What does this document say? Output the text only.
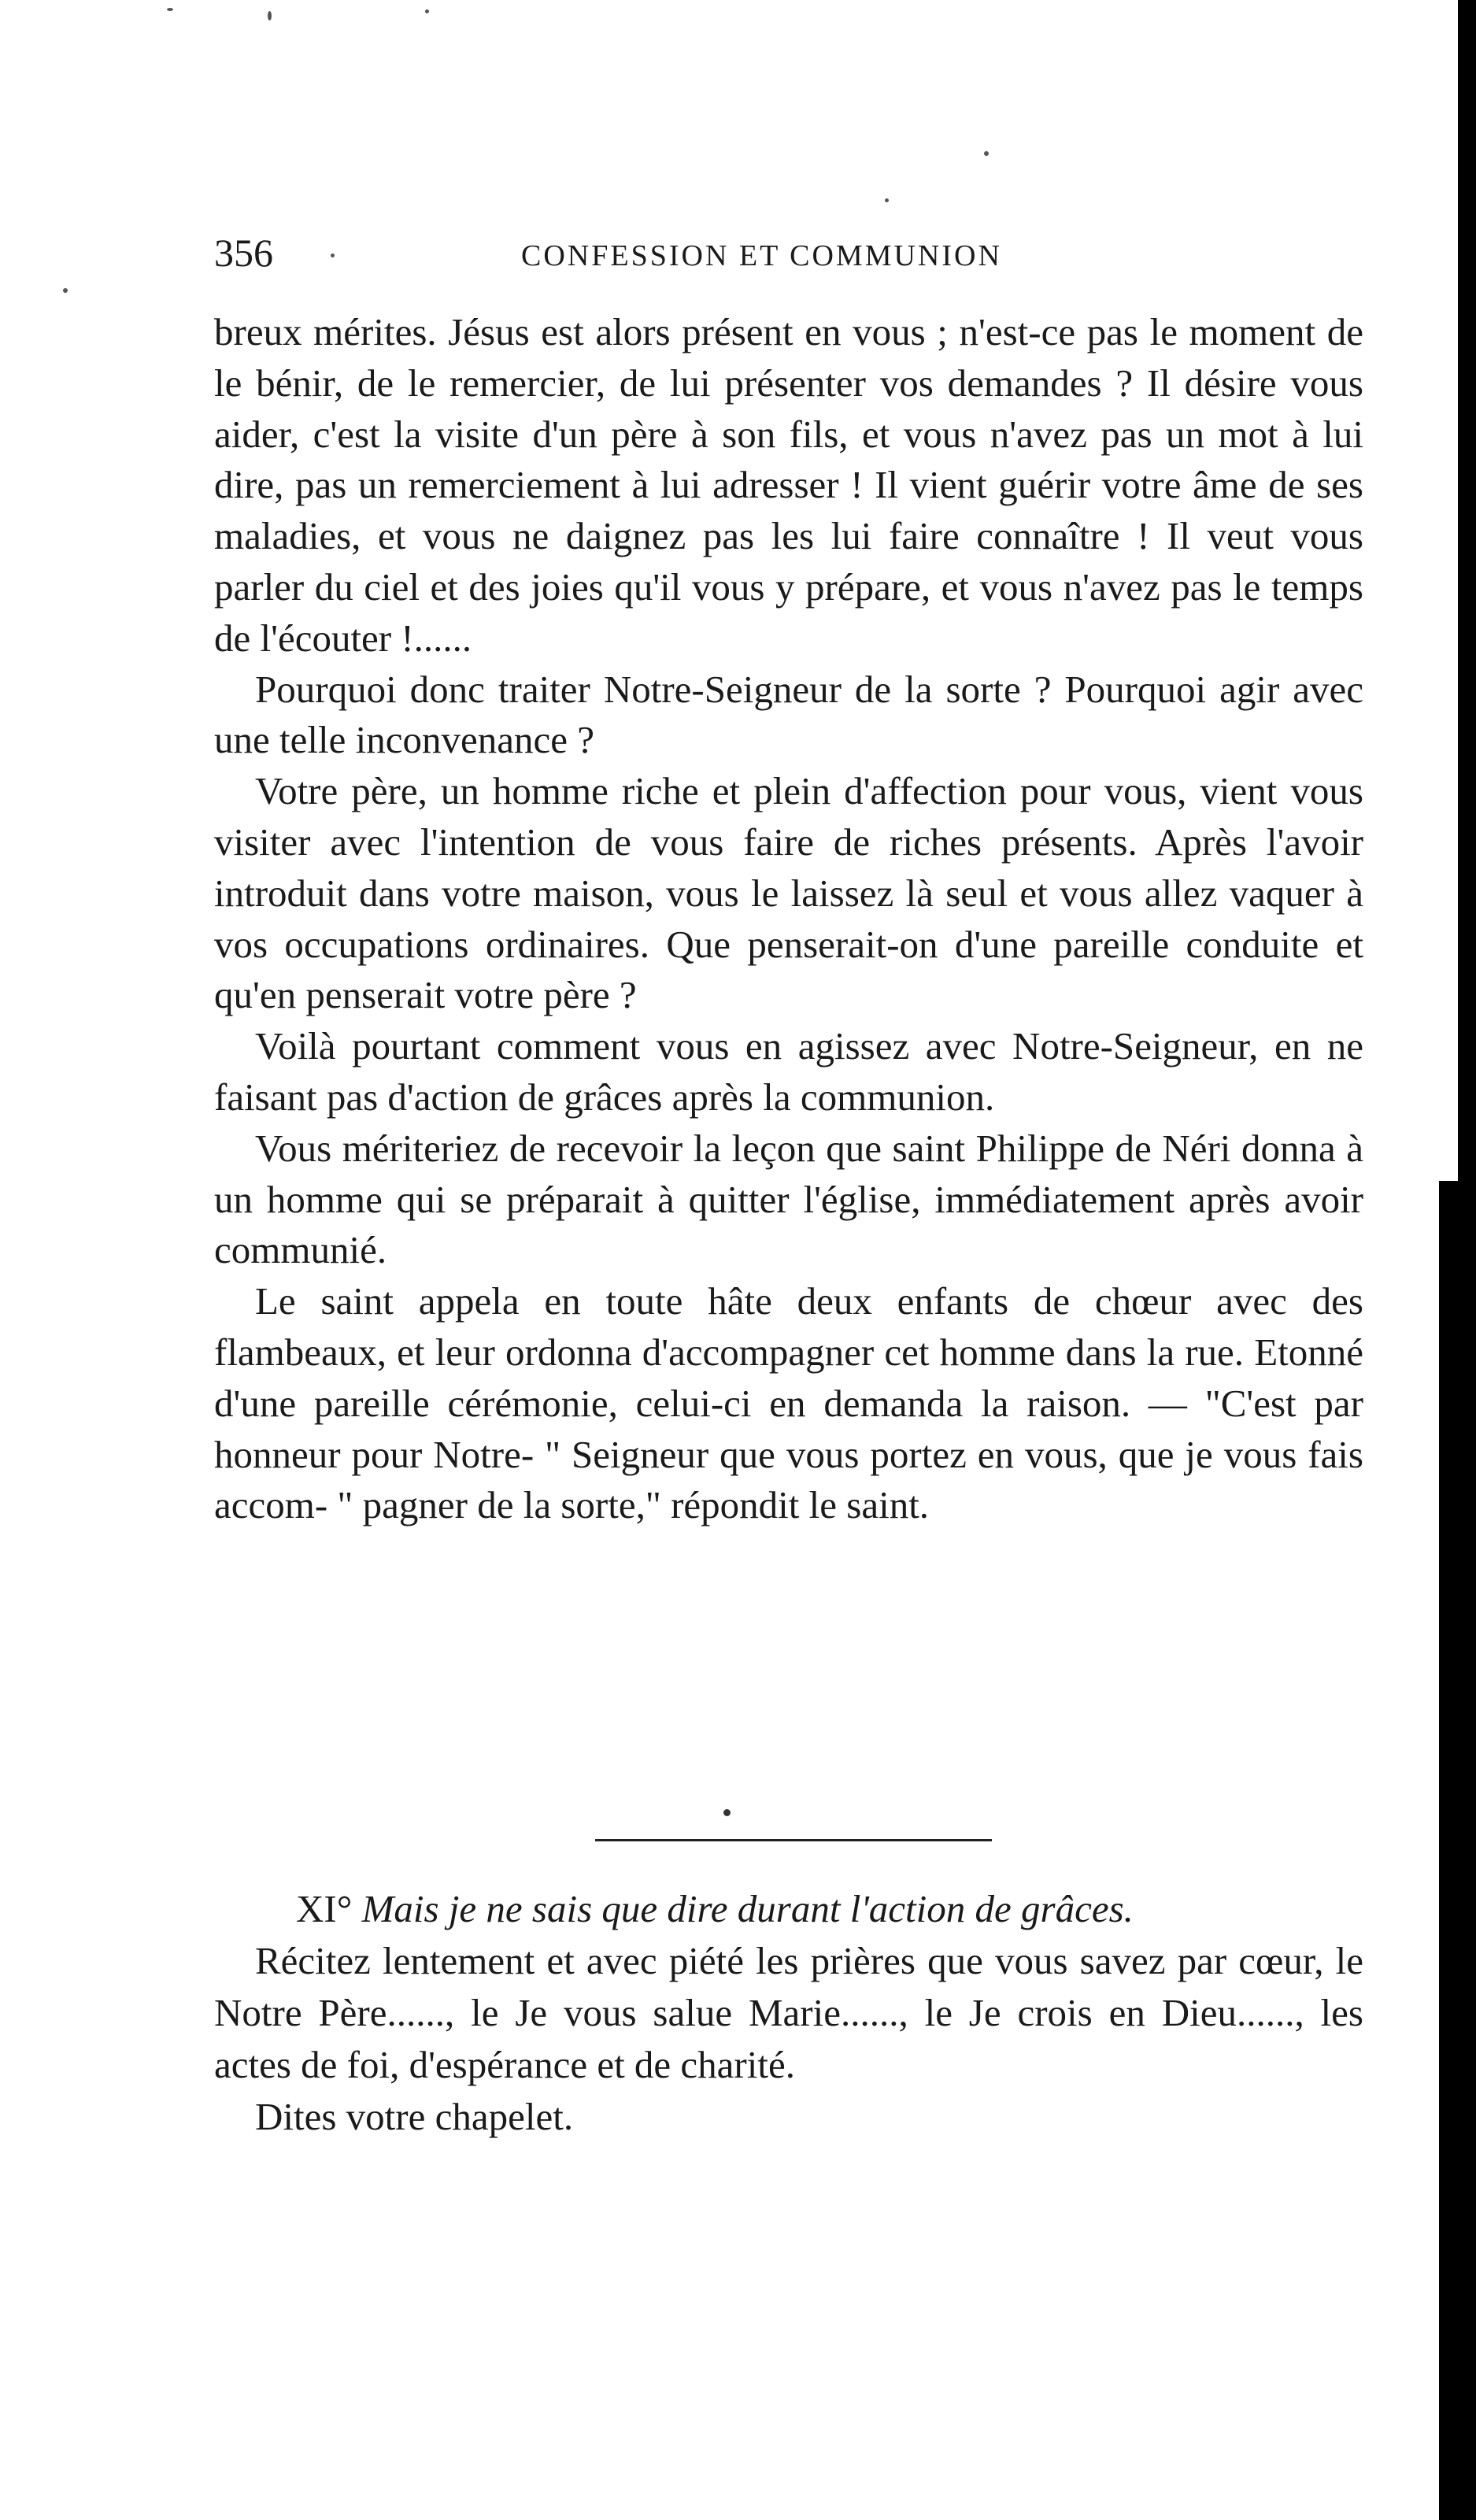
356	CONFESSION ET COMMUNION

breux mérites. Jésus est alors présent en vous ; n'est-ce pas le moment de le bénir, de le remercier, de lui présenter vos demandes ? Il désire vous aider, c'est la visite d'un père à son fils, et vous n'avez pas un mot à lui dire, pas un remerciement à lui adresser ! Il vient guérir votre âme de ses maladies, et vous ne daignez pas les lui faire connaître ! Il veut vous parler du ciel et des joies qu'il vous y prépare, et vous n'avez pas le temps de l'écouter !......

Pourquoi donc traiter Notre-Seigneur de la sorte ? Pourquoi agir avec une telle inconvenance ?

Votre père, un homme riche et plein d'affection pour vous, vient vous visiter avec l'intention de vous faire de riches présents. Après l'avoir introduit dans votre maison, vous le laissez là seul et vous allez vaquer à vos occupations ordinaires. Que penserait-on d'une pareille conduite et qu'en penserait votre père ?

Voilà pourtant comment vous en agissez avec Notre-Seigneur, en ne faisant pas d'action de grâces après la communion.

Vous mériteriez de recevoir la leçon que saint Philippe de Néri donna à un homme qui se préparait à quitter l'église, immédiatement après avoir communié.

Le saint appela en toute hâte deux enfants de chœur avec des flambeaux, et leur ordonna d'accompagner cet homme dans la rue. Etonné d'une pareille cérémonie, celui-ci en demanda la raison. — "C'est par honneur pour Notre- " Seigneur que vous portez en vous, que je vous fais accom- " pagner de la sorte," répondit le saint.

XI° Mais je ne sais que dire durant l'action de grâces.

Récitez lentement et avec piété les prières que vous savez par cœur, le Notre Père......, le Je vous salue Marie......, le Je crois en Dieu......, les actes de foi, d'espérance et de charité.

Dites votre chapelet.
